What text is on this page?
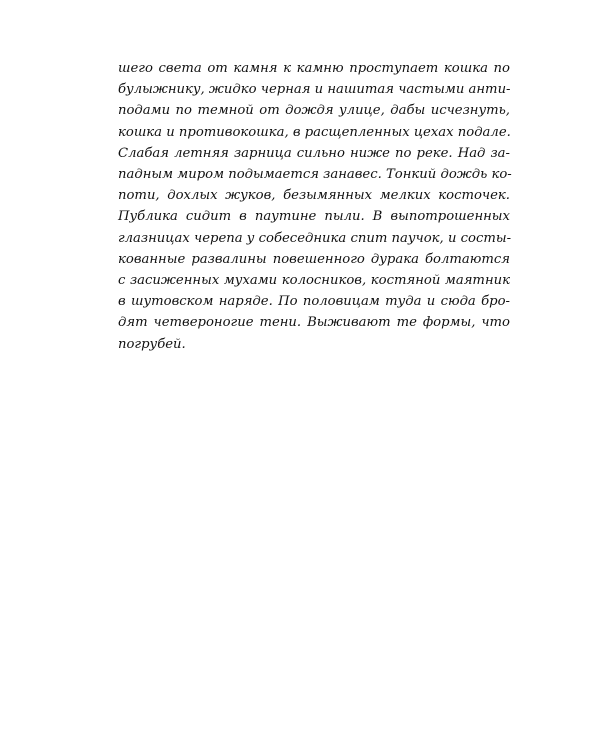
шего света от камня к камню проступает кошка по
булыжнику, жидко черная и нашитая частыми анти-
подами по темной от дождя улице, дабы исчезнуть,
кошка и противокошка, в расщепленных цехах подале.
Слабая летняя зарница сильно ниже по реке. Над за-
падным миром подымается занавес. Тонкий дождь ко-
поти, дохлых жуков, безымянных мелких косточек.
Публика сидит в паутине пыли. В выпотрошенных
глазницах черепа у собеседника спит паучок, и состы-
кованные развалины повешенного дурака болтаются
с засиженных мухами колосников, костяной маятник
в шутовском наряде. По половицам туда и сюда бро-
дят четвероногие тени. Выживают те формы, что
погрубей.
